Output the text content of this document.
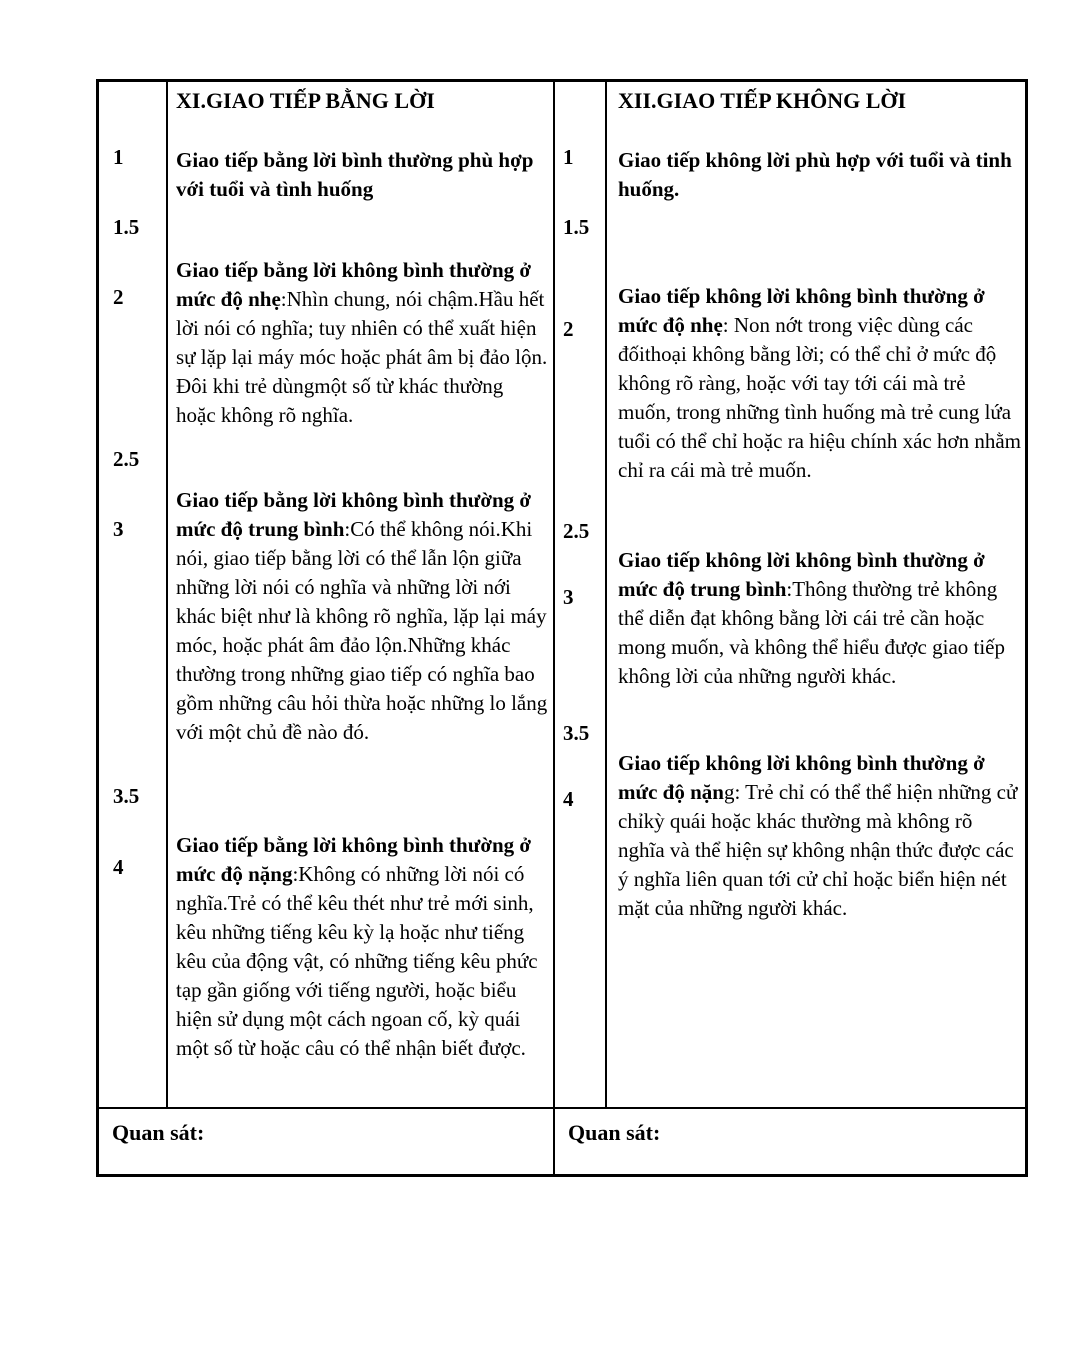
1
1.5
2
2.5
3
3.5
4

XI.GIAO TIẾP BẰNG LỜI

Giao tiếp bằng lời bình thường phù hợp với tuổi và tình huống

Giao tiếp bằng lời không bình thường ở mức độ nhẹ:Nhìn chung, nói chậm.Hầu hết lời nói có nghĩa; tuy nhiên có thể xuất hiện sự lặp lại máy móc hoặc phát âm bị đảo lộn. Đôi khi trẻ dùngmột số từ khác thường hoặc không rõ nghĩa.

Giao tiếp bằng lời không bình thường ở mức độ trung bình:Có thể không nói.Khi nói, giao tiếp bằng lời có thể lẫn lộn giữa những lời nói có nghĩa và những lời nới khác biệt như là không rõ nghĩa, lặp lại máy móc, hoặc phát âm đảo lộn.Những khác thường trong những giao tiếp có nghĩa bao gồm những câu hỏi thừa hoặc những lo lắng với một chủ đề nào đó.

Giao tiếp bằng lời không bình thường ở mức độ nặng:Không có những lời nói có nghĩa.Trẻ có thể kêu thét như trẻ mới sinh, kêu những tiếng kêu kỳ lạ hoặc như tiếng kêu của động vật, có những tiếng kêu phức tạp gần giống với tiếng người, hoặc biểu hiện sử dụng một cách ngoan cố, kỳ quái một số từ hoặc câu có thể nhận biết được.

1
1.5
2
2.5
3
3.5
4

XII.GIAO TIẾP KHÔNG LỜI

Giao tiếp không lời phù hợp với tuổi và tinh huống.

Giao tiếp không lời không bình thường ở mức độ nhẹ: Non nớt trong việc dùng các đốithoại không bằng lời; có thể chỉ ở mức độ không rõ ràng, hoặc với tay tới cái mà trẻ muốn, trong những tình huống mà trẻ cung lứa tuổi có thể chỉ hoặc ra hiệu chính xác hơn nhằm chỉ ra cái mà trẻ muốn.

Giao tiếp không lời không bình thường ở mức độ trung bình:Thông thường trẻ không thể diễn đạt không bằng lời cái trẻ cần hoặc mong muốn, và không thể hiểu được giao tiếp không lời của những người khác.

Giao tiếp không lời không bình thường ở mức độ nặng: Trẻ chỉ có thể thể hiện những cử chỉkỳ quái hoặc khác thường mà không rõ nghĩa và thể hiện sự không nhận thức được các ý nghĩa liên quan tới cử chỉ hoặc biển hiện nét mặt của những người khác.

Quan sát:	Quan sát:
